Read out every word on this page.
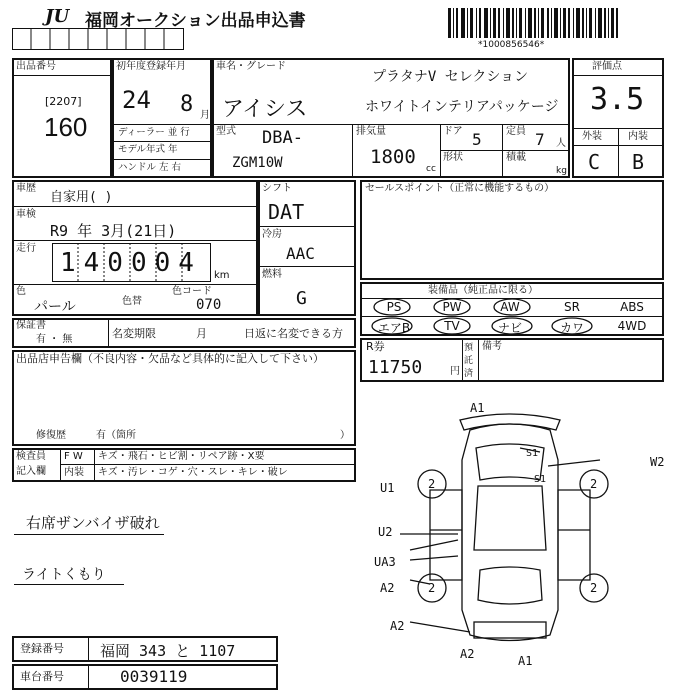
JU 福岡オークション出品申込書
*1000856546*
出品番号
[2207]
160
初年度登録年月
24 8 月
ディーラー 並 行
モデル年式 年
ハンドル 左 右
車名・グレード
プラタナV セレクション
アイシス	ホワイトインテリアパッケージ
型式 DBA-
ZGM10W
排気量
1800
cc
ドア 5 定員 7 人
形状	積載
kg
評価点
3.5
外装	内装
C B
車歴
自家用( )
車検
R9 年 3月(21日)
走行 140004 km
色
パール	色替
色コード
070
シフト
DAT
冷房
AAC
燃料
G
セールスポイント（正常に機能するもの）
装備品（純正品に限る）
PS	PW	AW	SR	ABS
エアB	TV	ナビ	カワ	4WD
R券
11750	円
預託済
備考
保証書
有 ・ 無	名変期限	月	日返に名変できる方
出品店申告欄（不良内容・欠品など具体的に記入して下さい）
修復歴	有（箇所	）
検査員
記入欄
F W キズ・飛石・ヒビ割・リペア跡・X要
内装 キズ・汚レ・コゲ・穴・スレ・キレ・破レ
右席ザンバイザ破れ
ライトくもり
A1
A1
U1
U2
UA3
A2
A2
A2
W2
S1
S1
2	2
2	2
登録番号 福岡 343 と 1107
車台番号	0039119
